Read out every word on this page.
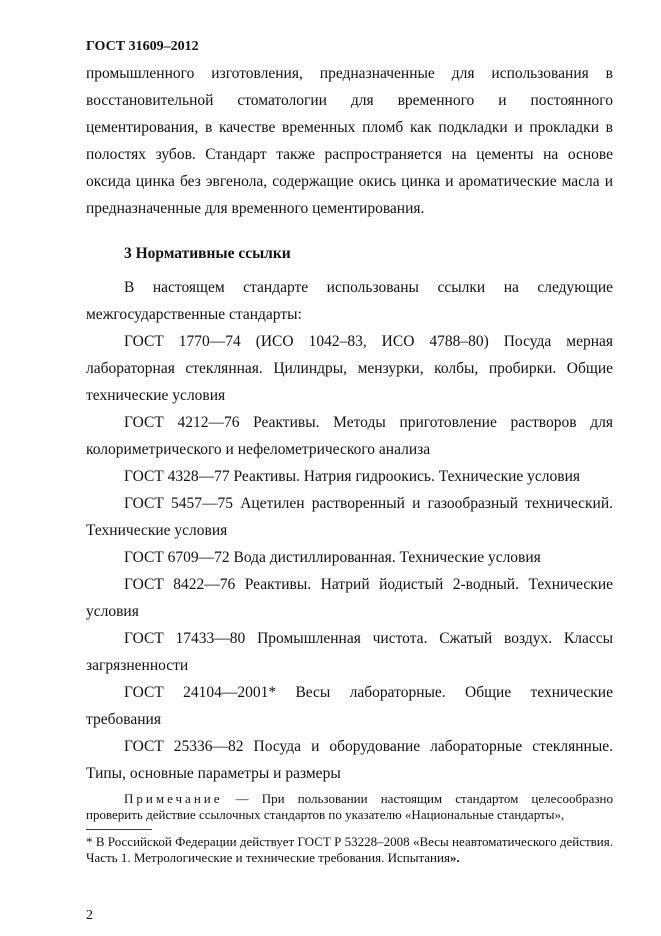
ГОСТ 31609–2012

промышленного изготовления, предназначенные для использования в восстановительной стоматологии для временного и постоянного цементирования, в качестве временных пломб как подкладки и прокладки в полостях зубов. Стандарт также распространяется на цементы на основе оксида цинка без эвгенола, содержащие окись цинка и ароматические масла и предназначенные для временного цементирования.

3 Нормативные ссылки

В настоящем стандарте использованы ссылки на следующие межгосударственные стандарты:

ГОСТ 1770—74 (ИСО 1042–83, ИСО 4788–80) Посуда мерная лабораторная стеклянная. Цилиндры, мензурки, колбы, пробирки. Общие технические условия

ГОСТ 4212—76 Реактивы. Методы приготовление растворов для колориметрического и нефелометрического анализа

ГОСТ 4328—77 Реактивы. Натрия гидроокись. Технические условия

ГОСТ 5457—75 Ацетилен растворенный и газообразный технический. Технические условия

ГОСТ 6709—72 Вода дистиллированная. Технические условия

ГОСТ 8422—76 Реактивы. Натрий йодистый 2-водный. Технические условия

ГОСТ 17433—80 Промышленная чистота. Сжатый воздух. Классы загрязненности

ГОСТ 24104—2001* Весы лабораторные. Общие технические требования

ГОСТ 25336—82 Посуда и оборудование лабораторные стеклянные. Типы, основные параметры и размеры

Примечание — При пользовании настоящим стандартом целесообразно проверить действие ссылочных стандартов по указателю «Национальные стандарты»,

* В Российской Федерации действует ГОСТ Р 53228–2008 «Весы неавтоматического действия. Часть 1. Метрологические и технические требования. Испытания».

2
